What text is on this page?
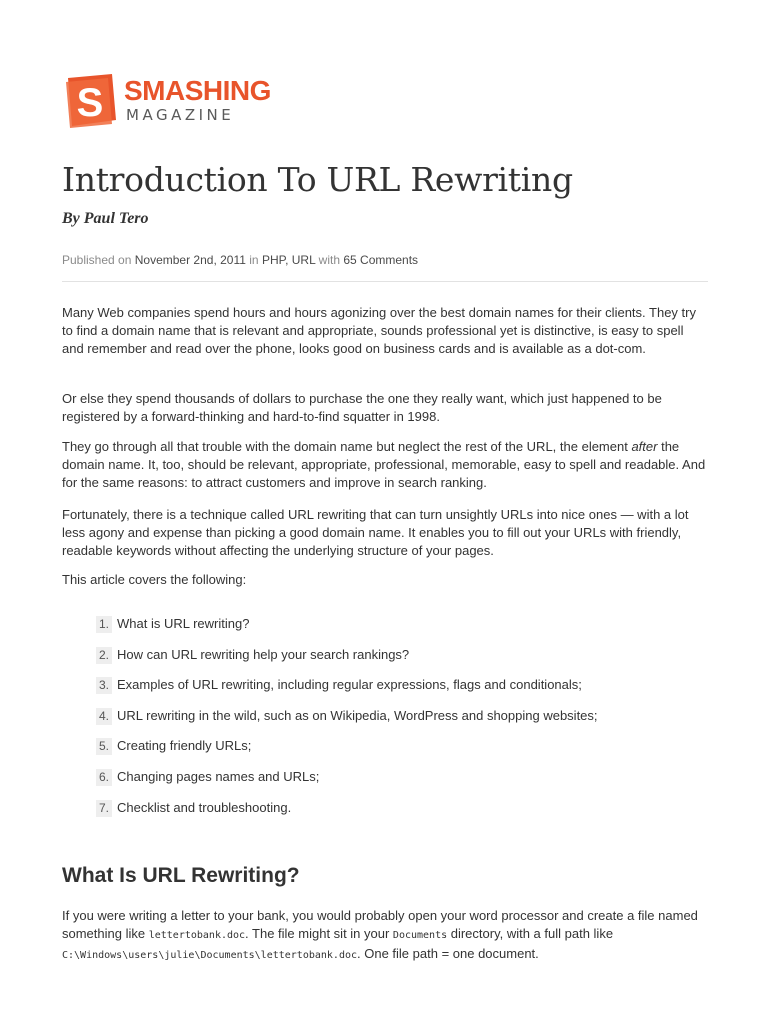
S SMASHING
MAGAZINE
Introduction To URL Rewriting
By Paul Tero
Published on November 2nd, 2011 in PHP, URL with 65 Comments

Many Web companies spend hours and hours agonizing over the best domain names for their clients. They try to find a domain name that is relevant and appropriate, sounds professional yet is distinctive, is easy to spell and remember and read over the phone, looks good on business cards and is available as a dot-com.

Or else they spend thousands of dollars to purchase the one they really want, which just happened to be registered by a forward-thinking and hard-to-find squatter in 1998.

They go through all that trouble with the domain name but neglect the rest of the URL, the element after the domain name. It, too, should be relevant, appropriate, professional, memorable, easy to spell and readable. And for the same reasons: to attract customers and improve in search ranking.

Fortunately, there is a technique called URL rewriting that can turn unsightly URLs into nice ones — with a lot less agony and expense than picking a good domain name. It enables you to fill out your URLs with friendly, readable keywords without affecting the underlying structure of your pages.

This article covers the following:

1. What is URL rewriting?
2. How can URL rewriting help your search rankings?
3. Examples of URL rewriting, including regular expressions, flags and conditionals;
4. URL rewriting in the wild, such as on Wikipedia, WordPress and shopping websites;
5. Creating friendly URLs;
6. Changing pages names and URLs;
7. Checklist and troubleshooting.
What Is URL Rewriting?

If you were writing a letter to your bank, you would probably open your word processor and create a file named something like lettertobank.doc. The file might sit in your Documents directory, with a full path like C:\Windows\users\julie\Documents\lettertobank.doc. One file path = one document.
